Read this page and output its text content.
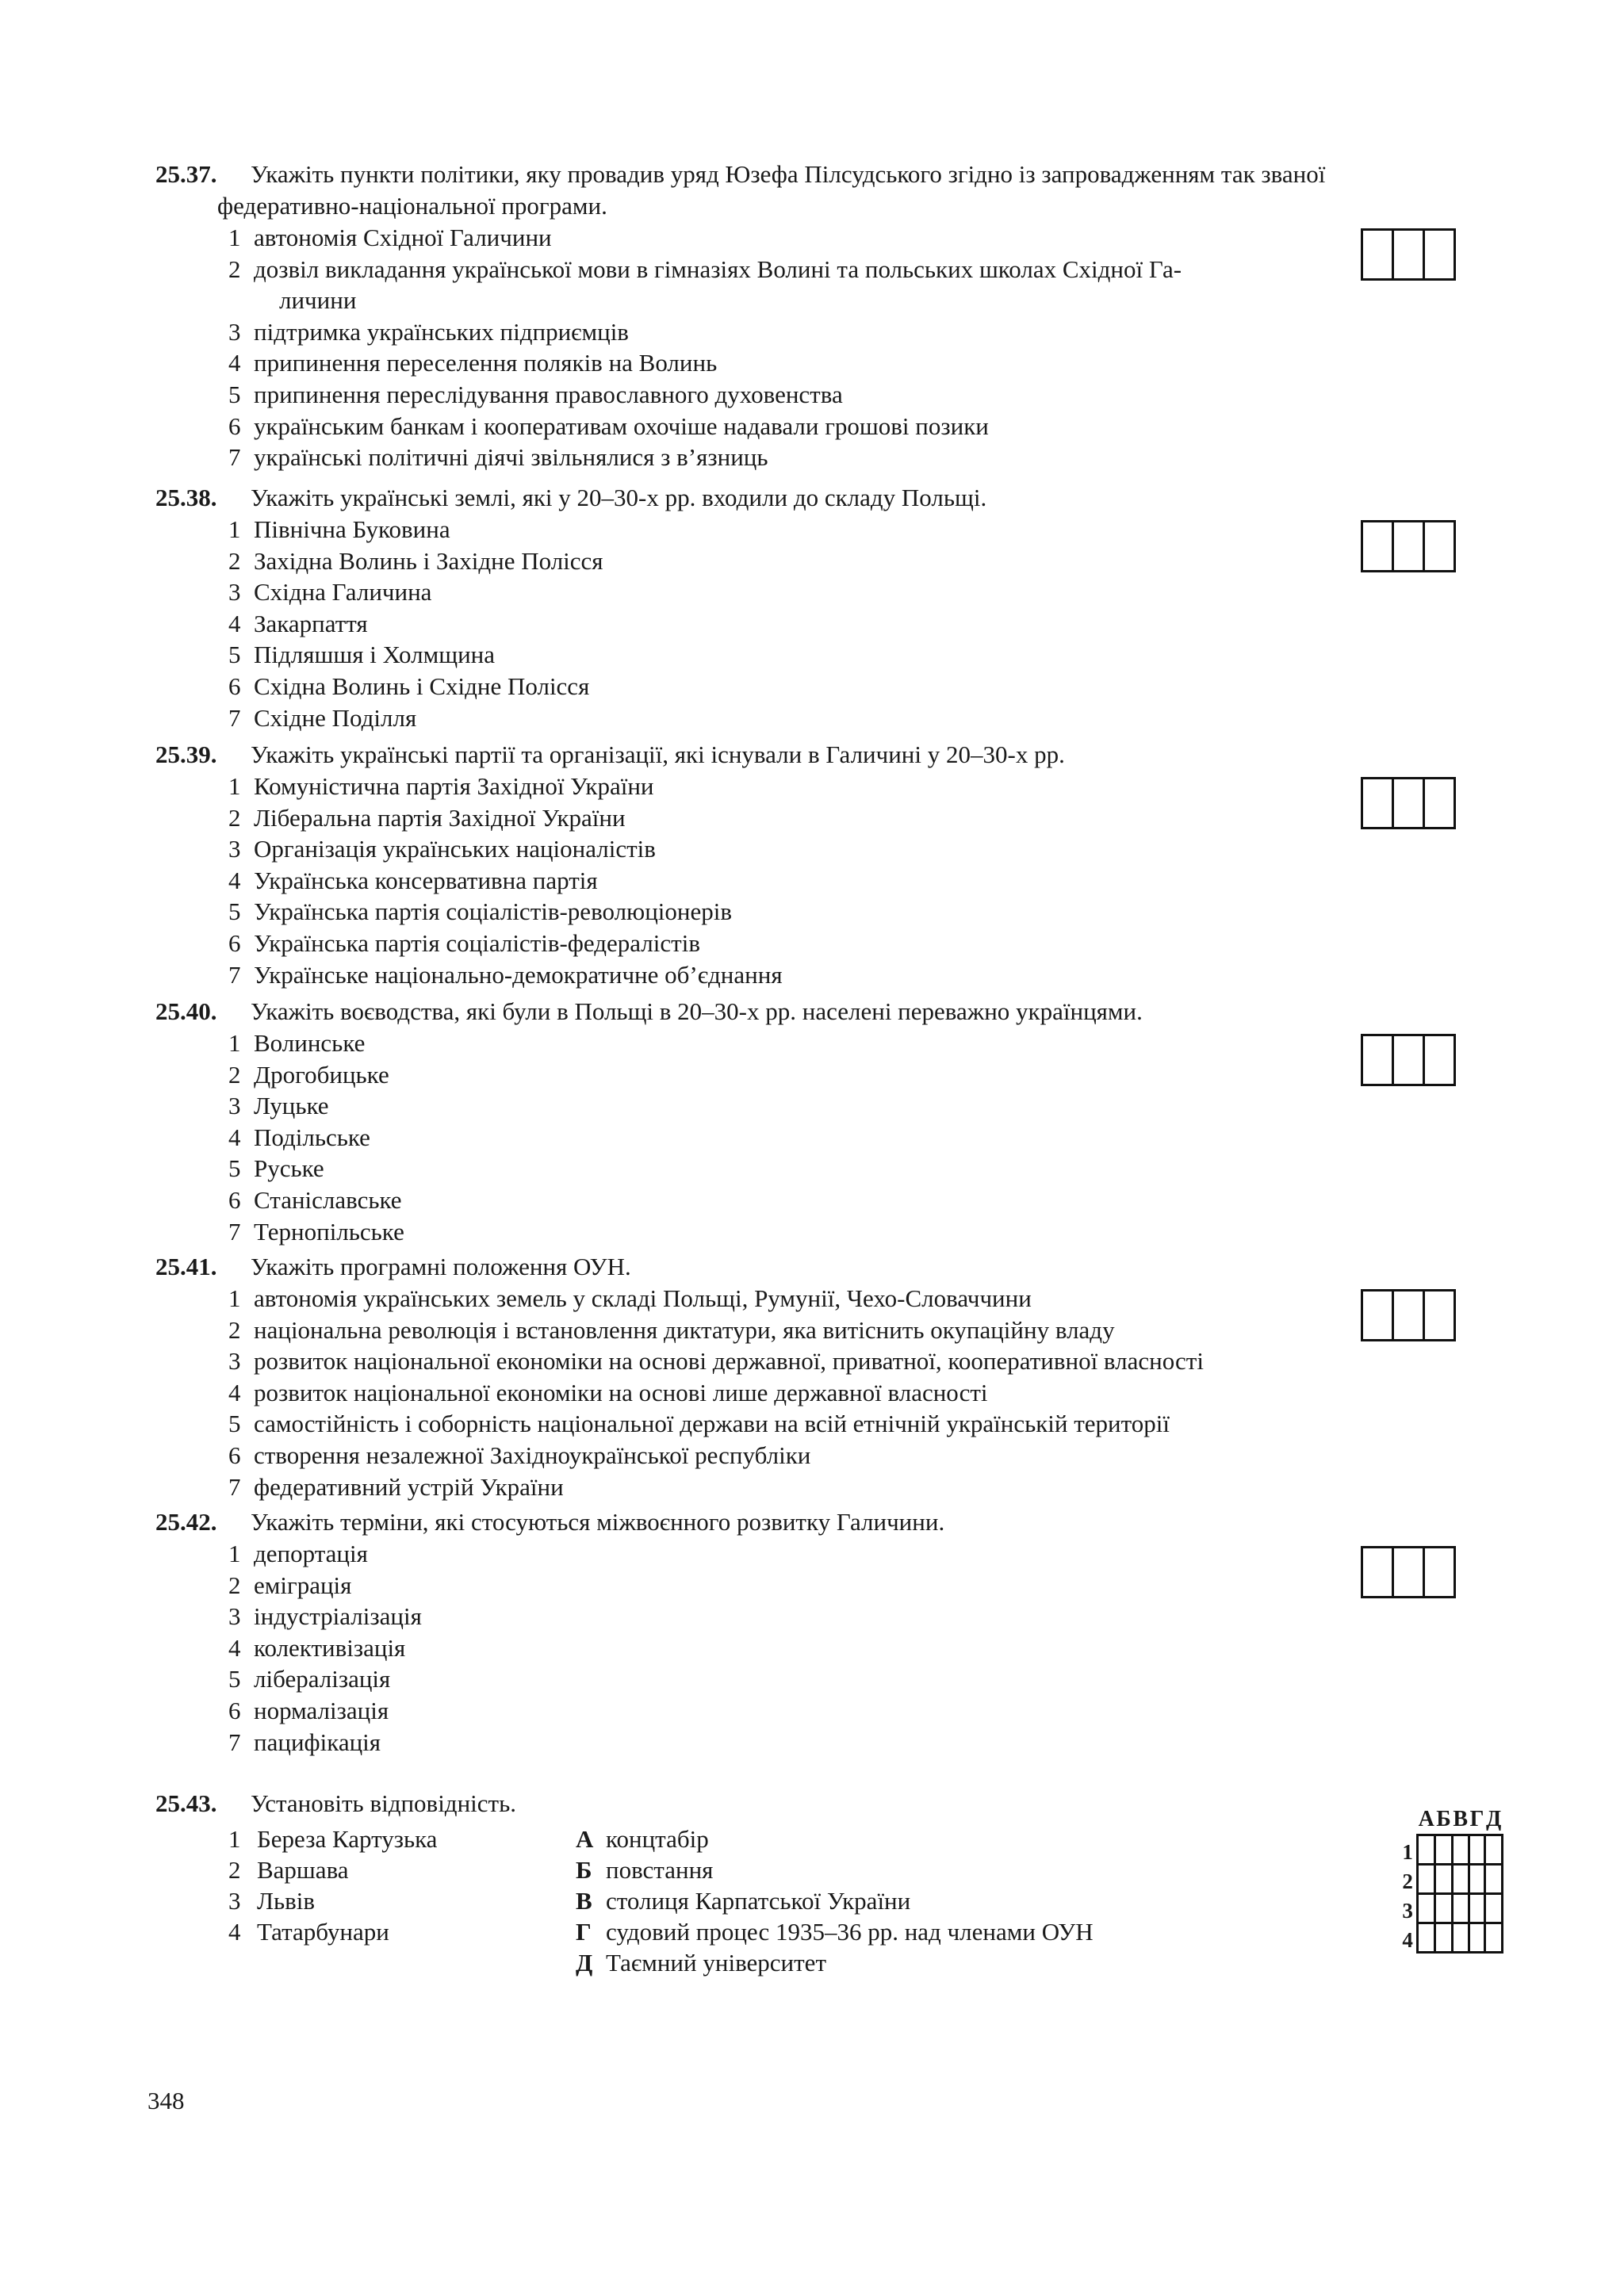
25.37.	Укажіть пункти політики, яку провадив уряд Юзефа Пілсудського згідно із запровадженням так званої
федеративно-національної програми.
1 автономія Східної Галичини
2 дозвіл викладання української мови в гімназіях Волині та польських школах Східної Га-
личини
3 підтримка українських підприємців
4 припинення переселення поляків на Волинь
5 припинення переслідування православного духовенства
6 українським банкам і кооперативам охочіше надавали грошові позики
7 українські політичні діячі звільнялися з в’язниць
25.38.	Укажіть українські землі, які у 20–30-х рр. входили до складу Польщі.
1 Північна Буковина
2 Західна Волинь і Західне Полісся
3 Східна Галичина
4 Закарпаття
5 Підляшшя і Холмщина
6 Східна Волинь і Східне Полісся
7 Східне Поділля
25.39.	Укажіть українські партії та організації, які існували в Галичині у 20–30-х рр.
1 Комуністична партія Західної України
2 Ліберальна партія Західної України
3 Організація українських націоналістів
4 Українська консервативна партія
5 Українська партія соціалістів-революціонерів
6 Українська партія соціалістів-федералістів
7 Українське національно-демократичне об’єднання
25.40.	Укажіть воєводства, які були в Польщі в 20–30-х рр. населені переважно українцями.
1 Волинське
2 Дрогобицьке
3 Луцьке
4 Подільське
5 Руське
6 Станіславське
7 Тернопільське
25.41.	Укажіть програмні положення ОУН.
1 автономія українських земель у складі Польщі, Румунії, Чехо-Словаччини
2 національна революція і встановлення диктатури, яка витіснить окупаційну владу
3 розвиток національної економіки на основі державної, приватної, кооперативної власності
4 розвиток національної економіки на основі лише державної власності
5 самостійність і соборність національної держави на всій етнічній українській території
6 створення незалежної Західноукраїнської республіки
7 федеративний устрій України
25.42.	Укажіть терміни, які стосуються міжвоєнного розвитку Галичини.
1 депортація
2 еміграція
3 індустріалізація
4 колективізація
5 лібералізація
6 нормалізація
7 пацифікація
25.43.	Установіть відповідність.
1 Береза Картузька
2 Варшава
3 Львів
4 Татарбунари
А концтабір
Б повстання
В столиця Карпатської України
Г судовий процес 1935–36 рр. над членами ОУН
Д Таємний університет
	А	Б	В	Г	Д
1					
2					
3					
4					
348
